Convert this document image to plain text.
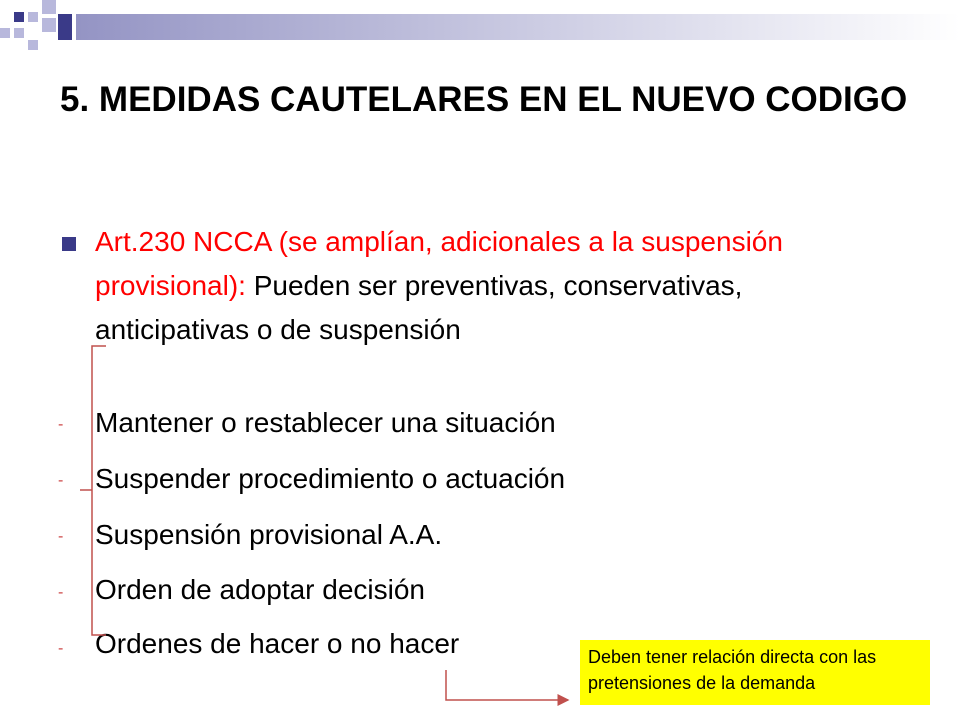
5. MEDIDAS CAUTELARES EN EL NUEVO CODIGO

Art.230 NCCA (se amplían, adicionales a la suspensión provisional): Pueden ser preventivas, conservativas, anticipativas o de suspensión

- Mantener o restablecer una situación
- Suspender procedimiento o actuación
- Suspensión provisional A.A.
- Orden de adoptar decisión
- Ordenes de hacer o no hacer	Deben tener relación directa con las pretensiones de la demanda
